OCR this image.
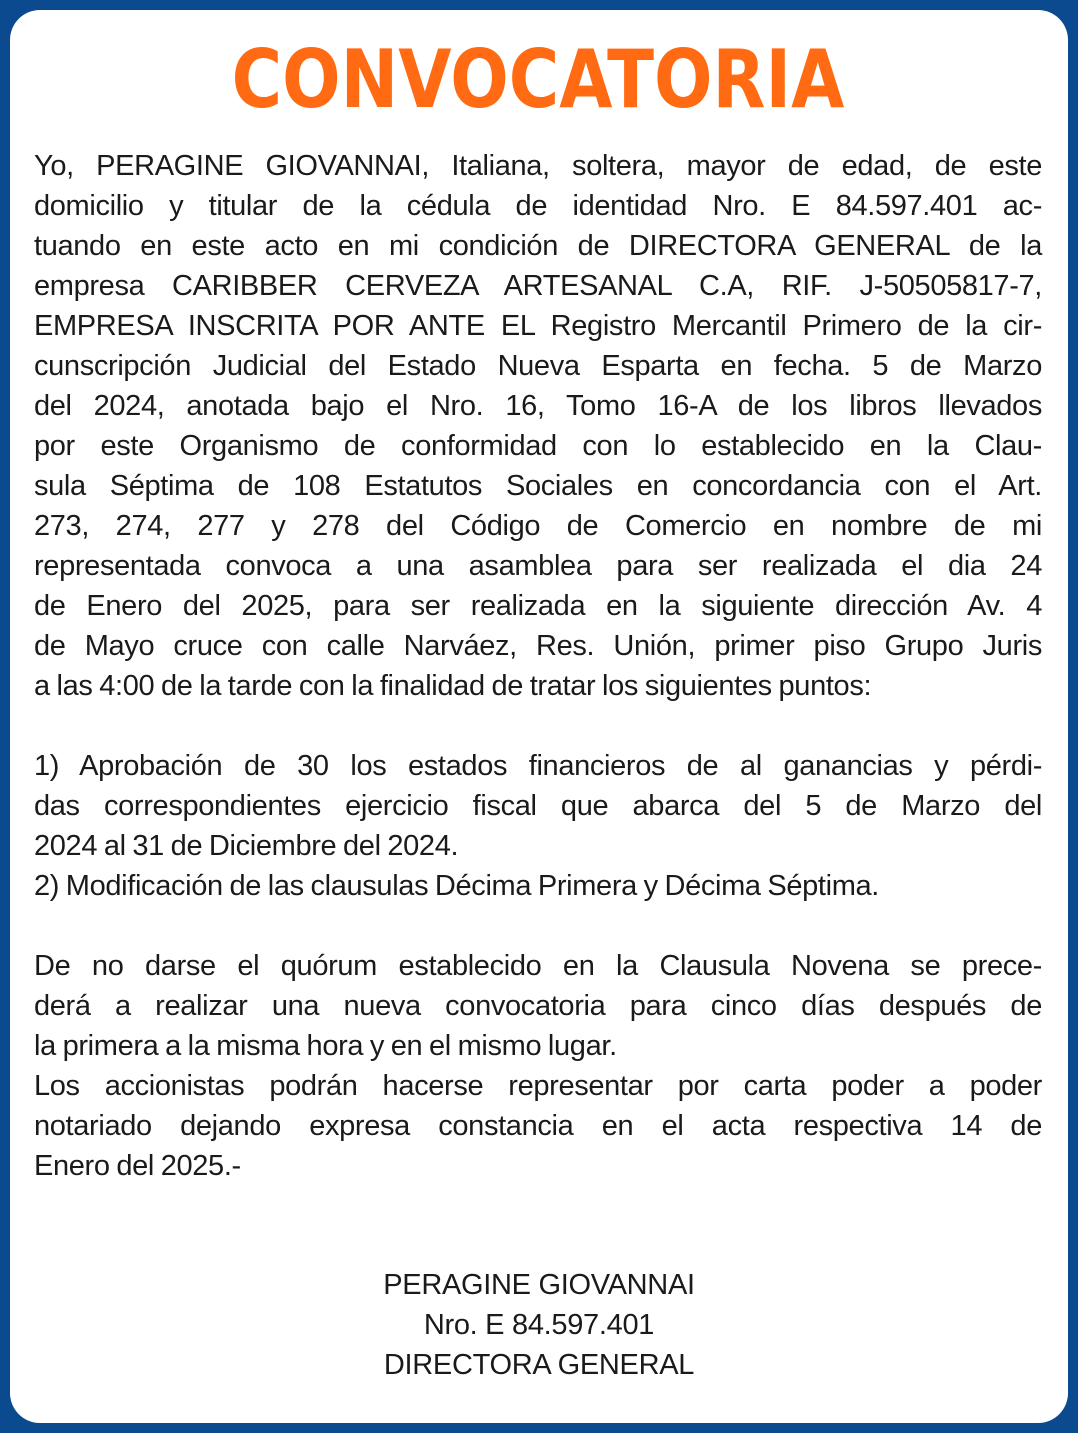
CONVOCATORIA
Yo, PERAGINE GIOVANNAI, Italiana, soltera, mayor de edad, de este
domicilio y titular de la cédula de identidad Nro. E 84.597.401 ac-
tuando en este acto en mi condición de DIRECTORA GENERAL de la
empresa CARIBBER CERVEZA ARTESANAL C.A, RIF. J-50505817-7,
EMPRESA INSCRITA POR ANTE EL Registro Mercantil Primero de la cir-
cunscripción Judicial del Estado Nueva Esparta en fecha. 5 de Marzo
del 2024, anotada bajo el Nro. 16, Tomo 16-A de los libros llevados
por este Organismo de conformidad con lo establecido en la Clau-
sula Séptima de 108 Estatutos Sociales en concordancia con el Art.
273, 274, 277 y 278 del Código de Comercio en nombre de mi
representada convoca a una asamblea para ser realizada el dia 24
de Enero del 2025, para ser realizada en la siguiente dirección Av. 4
de Mayo cruce con calle Narváez, Res. Unión, primer piso Grupo Juris
a las 4:00 de la tarde con la finalidad de tratar los siguientes puntos:
1) Aprobación de 30 los estados financieros de al ganancias y pérdi-
das correspondientes ejercicio fiscal que abarca del 5 de Marzo del
2024 al 31 de Diciembre del 2024.
2) Modificación de las clausulas Décima Primera y Décima Séptima.
De no darse el quórum establecido en la Clausula Novena se prece-
derá a realizar una nueva convocatoria para cinco días después de
la primera a la misma hora y en el mismo lugar.
Los accionistas podrán hacerse representar por carta poder a poder
notariado dejando expresa constancia en el acta respectiva 14 de
Enero del 2025.-
PERAGINE GIOVANNAI
Nro. E 84.597.401
DIRECTORA GENERAL
